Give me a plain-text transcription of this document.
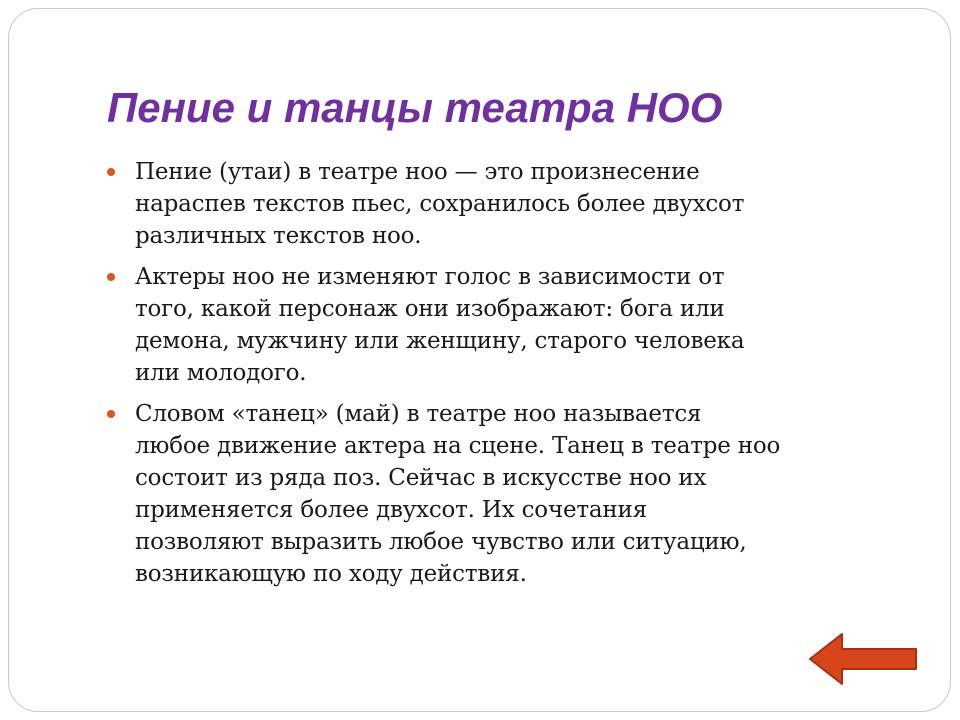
Пение и танцы театра НОО
Пение (утаи) в театре ноо — это произнесение
нараспев текстов пьес, сохранилось более двухсот
различных текстов ноо.
Актеры ноо не изменяют голос в зависимости от
того, какой персонаж они изображают: бога или
демона, мужчину или женщину, старого человека
или молодого.
Словом «танец» (май) в театре ноо называется
любое движение актера на сцене. Танец в театре ноо
состоит из ряда поз. Сейчас в искусстве ноо их
применяется более двухсот. Их сочетания
позволяют выразить любое чувство или ситуацию,
возникающую по ходу действия.
